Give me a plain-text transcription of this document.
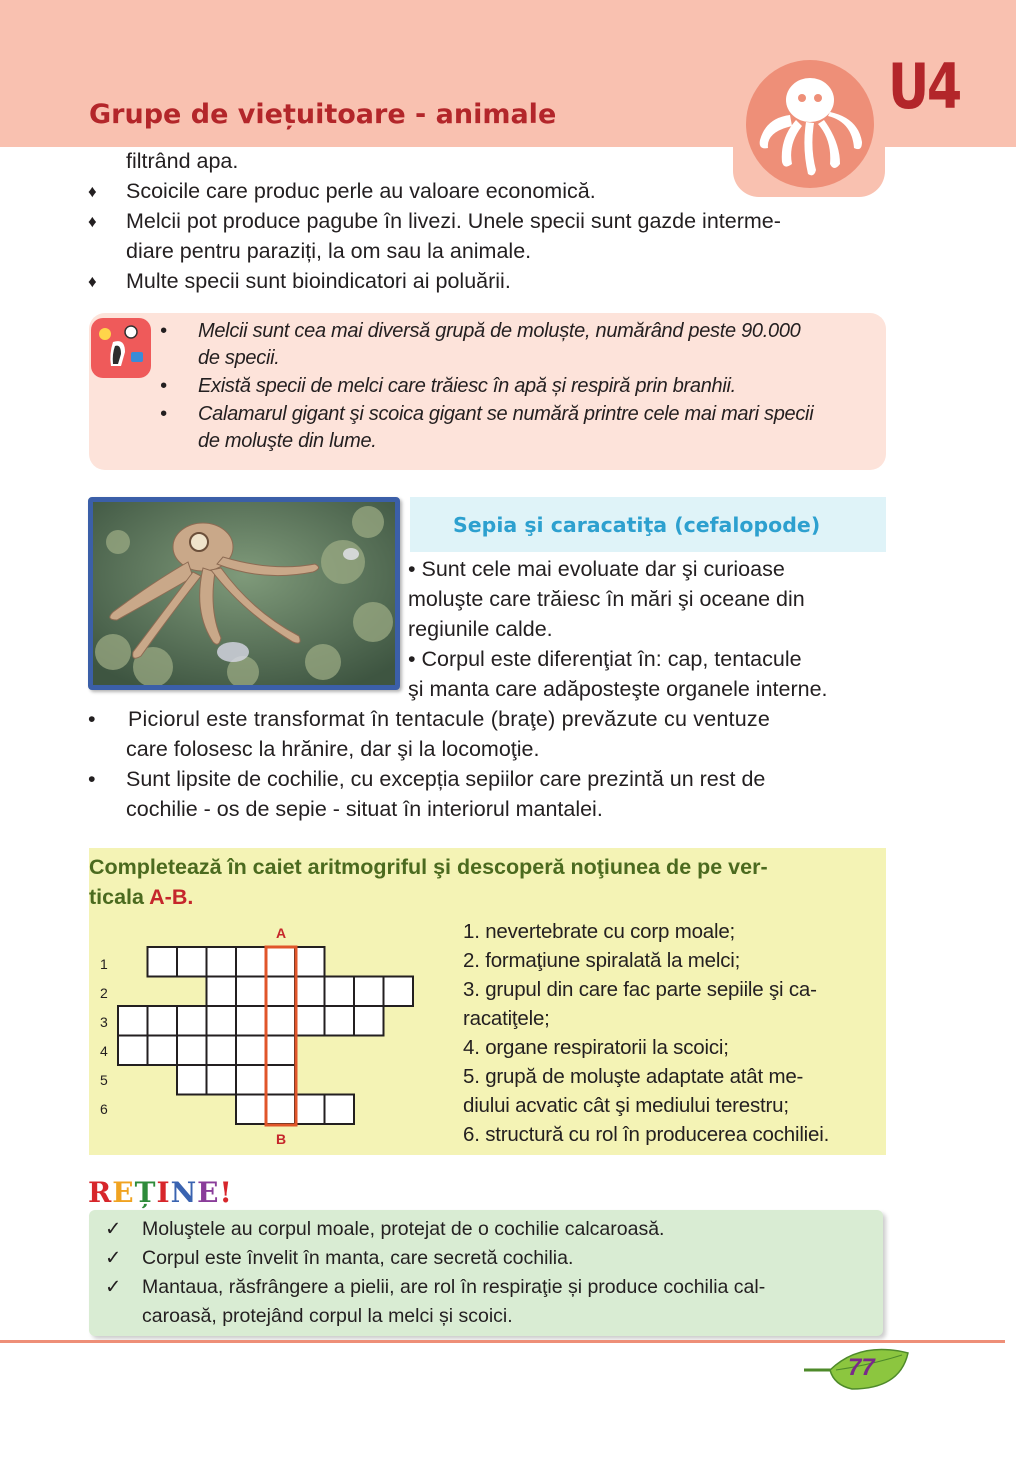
Grupe de viețuitoare - animale	U4
filtrând apa.
♦ Scoicile care produc perle au valoare economică.
♦ Melcii pot produce pagube în livezi. Unele specii sunt gazde interme-
diare pentru paraziți, la om sau la animale.
♦ Multe specii sunt bioindicatori ai poluării.
• Melcii sunt cea mai diversă grupă de moluște, numărând peste 90.000
de specii.
• Există specii de melci care trăiesc în apă și respiră prin branhii.
• Calamarul gigant şi scoica gigant se numără printre cele mai mari specii
de moluşte din lume.
Sepia şi caracatiţa (cefalopode)
• Sunt cele mai evoluate dar şi curioase
moluşte care trăiesc în mări şi oceane din
regiunile calde.
• Corpul este diferenţiat în: cap, tentacule
şi manta care adăposteşte organele interne.
• Piciorul este transformat în tentacule (braţe) prevăzute cu ventuze
care folosesc la hrănire, dar şi la locomoţie.
• Sunt lipsite de cochilie, cu excepția sepiilor care prezintă un rest de
cochilie - os de sepie - situat în interiorul mantalei.
Completează în caiet aritmogriful şi descoperă noţiunea de pe ver-
ticala A-B.
A
B
1
2
3
4
5
6
1. nevertebrate cu corp moale;
2. formaţiune spiralată la melci;
3. grupul din care fac parte sepiile şi ca-
racatiţele;
4. organe respiratorii la scoici;
5. grupă de moluşte adaptate atât me-
diului acvatic cât şi mediului terestru;
6. structură cu rol în producerea cochiliei.
REȚINE!
✓ Moluştele au corpul moale, protejat de o cochilie calcaroasă.
✓ Corpul este învelit în manta, care secretă cochilia.
✓ Mantaua, răsfrângere a pielii, are rol în respiraţie și produce cochilia cal-
caroasă, protejând corpul la melci și scoici.
77
